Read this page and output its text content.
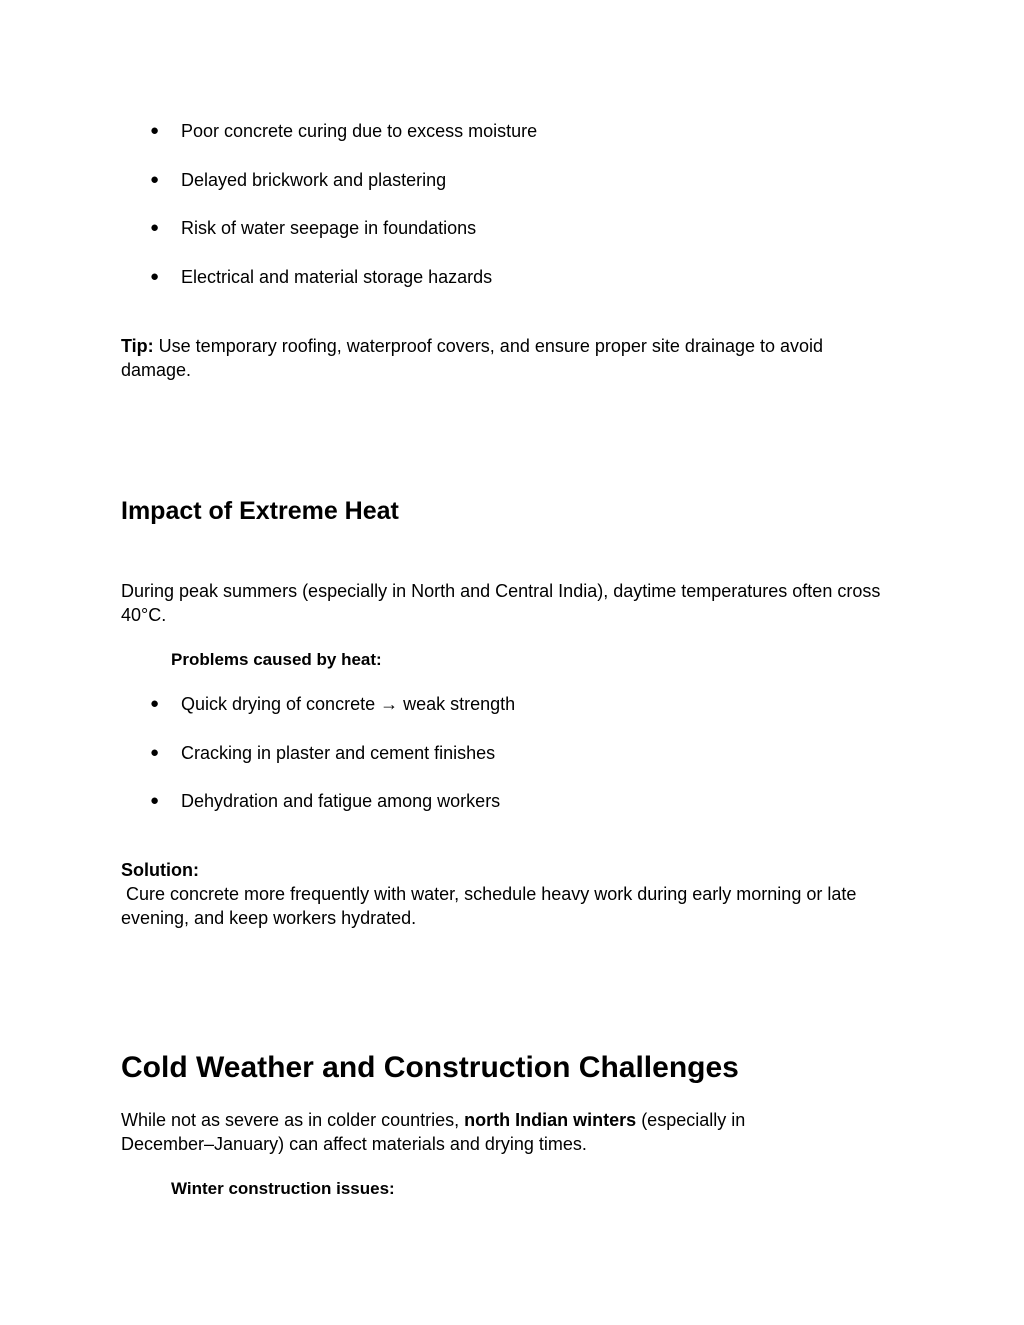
● Poor concrete curing due to excess moisture
● Delayed brickwork and plastering
● Risk of water seepage in foundations
● Electrical and material storage hazards
Tip: Use temporary roofing, waterproof covers, and ensure proper site drainage to avoid
damage.
Impact of Extreme Heat
During peak summers (especially in North and Central India), daytime temperatures often cross
40°C.
Problems caused by heat:
● Quick drying of concrete → weak strength
● Cracking in plaster and cement finishes
● Dehydration and fatigue among workers
Solution:
Cure concrete more frequently with water, schedule heavy work during early morning or late
evening, and keep workers hydrated.
Cold Weather and Construction Challenges
While not as severe as in colder countries, north Indian winters (especially in
December–January) can affect materials and drying times.
Winter construction issues:
